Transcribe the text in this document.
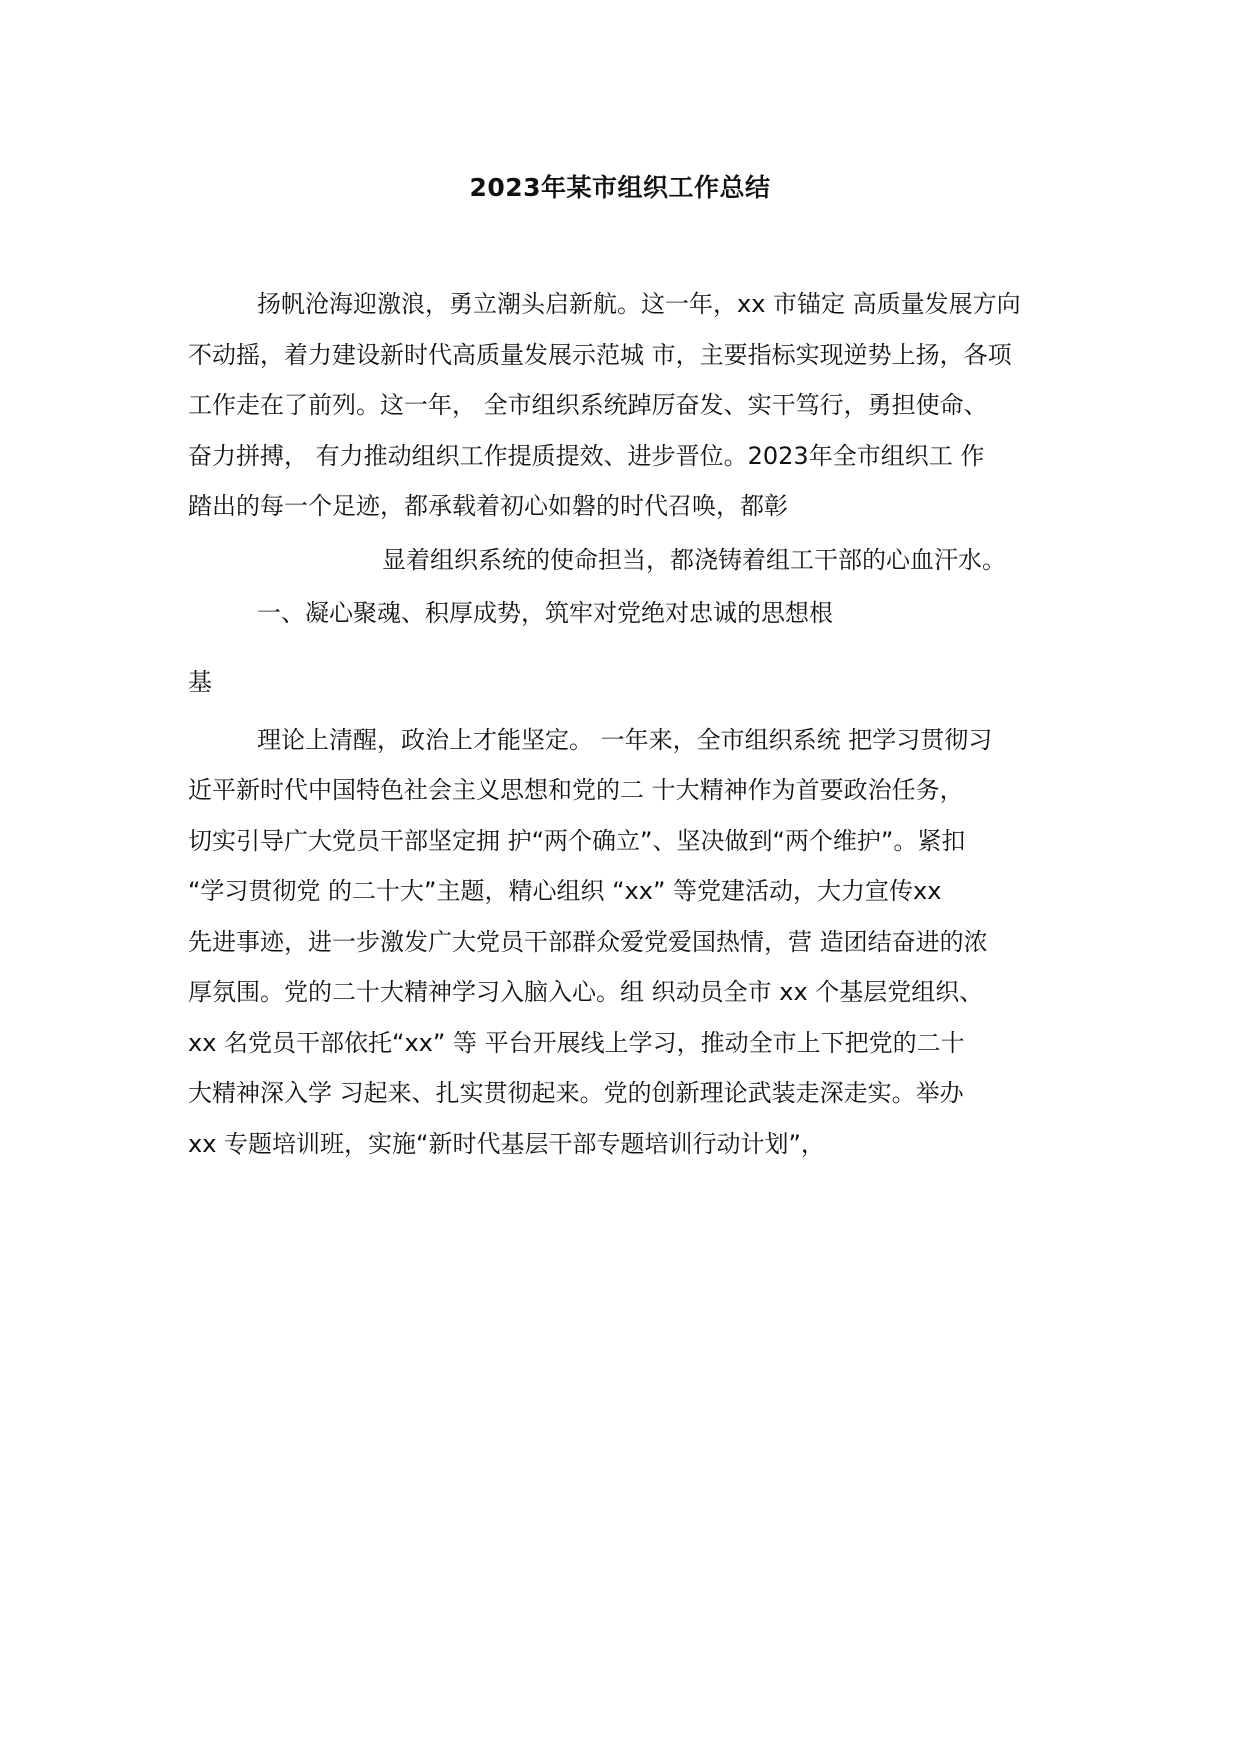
2023年某市组织工作总结
扬帆沧海迎激浪，勇立潮头启新航。这一年，xx 市锚定 高质量发展方向
不动摇，着力建设新时代高质量发展示范城 市，主要指标实现逆势上扬，各项
工作走在了前列。这一年， 全市组织系统踔厉奋发、实干笃行，勇担使命、
奋力拼搏， 有力推动组织工作提质提效、进步晋位。2023年全市组织工 作
踏出的每一个足迹，都承载着初心如磐的时代召唤，都彰
显着组织系统的使命担当，都浇铸着组工干部的心血汗水。
一、凝心聚魂、积厚成势，筑牢对党绝对忠诚的思想根
基
理论上清醒，政治上才能坚定。 一年来，全市组织系统 把学习贯彻习
近平新时代中国特色社会主义思想和党的二 十大精神作为首要政治任务，
切实引导广大党员干部坚定拥 护“两个确立”、坚决做到“两个维护”。紧扣
“学习贯彻党 的二十大”主题，精心组织 “xx” 等党建活动，大力宣传xx
先进事迹，进一步激发广大党员干部群众爱党爱国热情，营 造团结奋进的浓
厚氛围。党的二十大精神学习入脑入心。组 织动员全市 xx 个基层党组织、
xx 名党员干部依托“xx” 等 平台开展线上学习，推动全市上下把党的二十
大精神深入学 习起来、扎实贯彻起来。党的创新理论武装走深走实。举办
xx 专题培训班，实施“新时代基层干部专题培训行动计划”，
